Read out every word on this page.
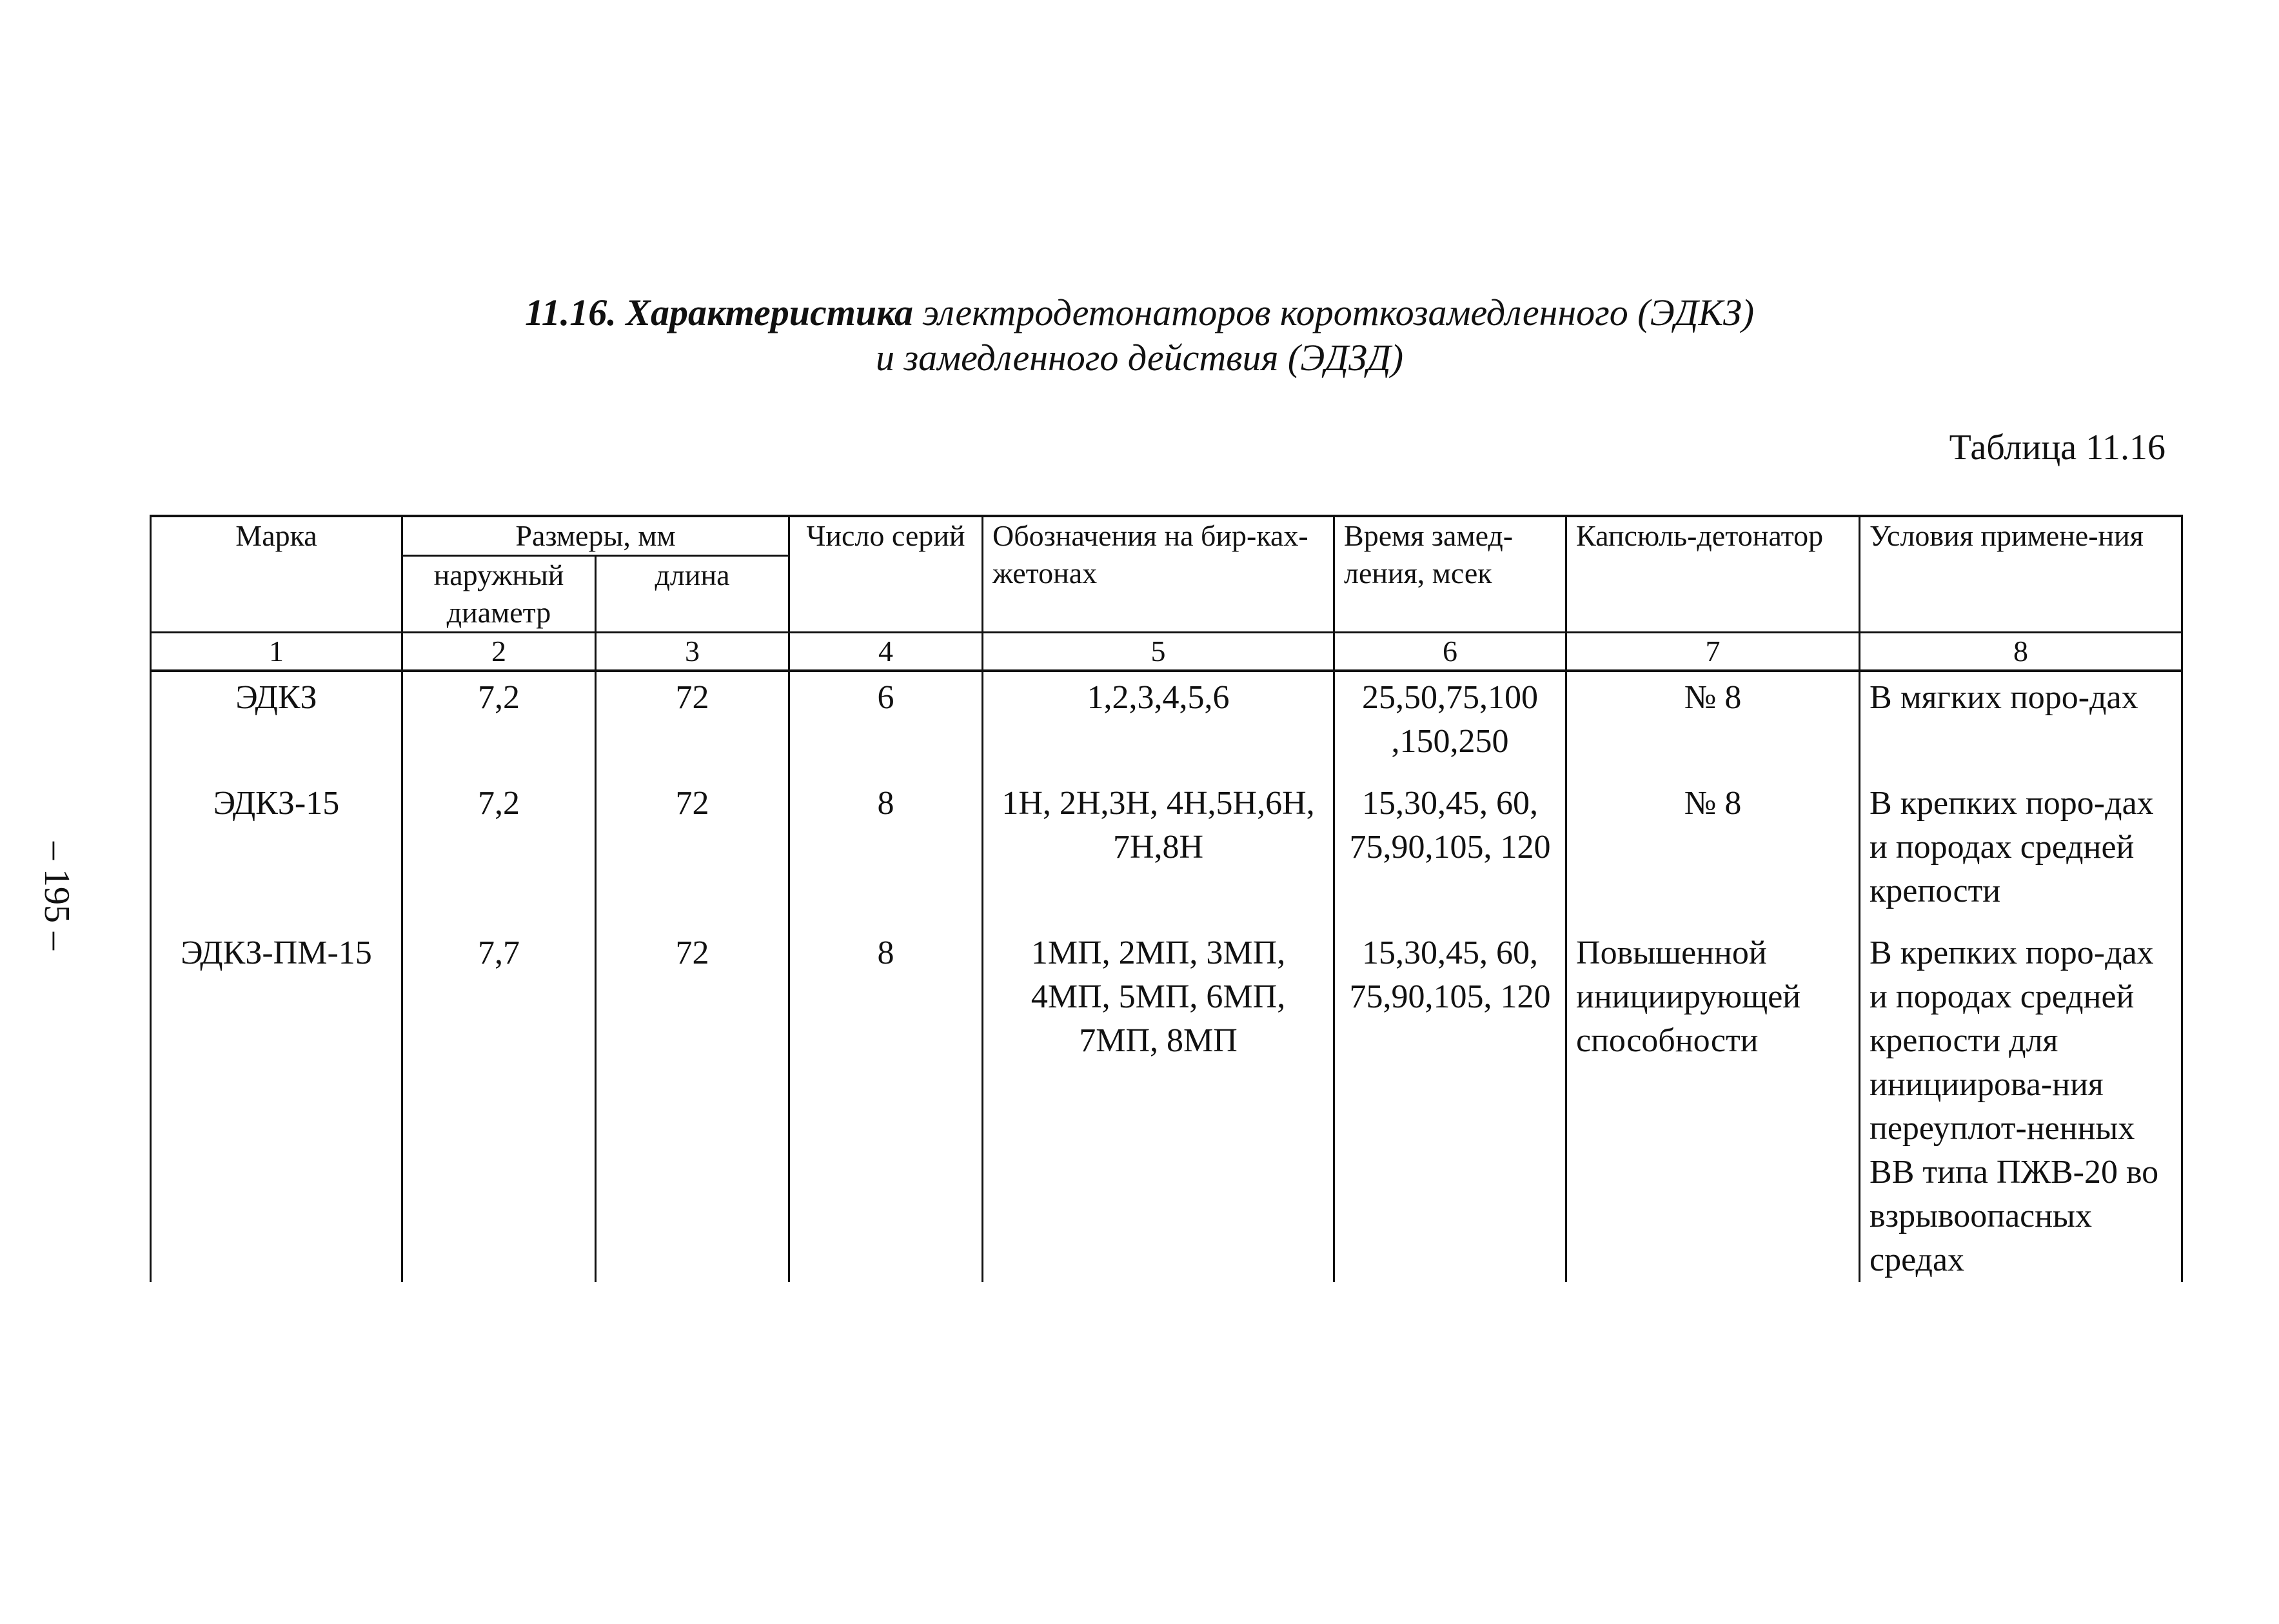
11.16. Характеристика электродетонаторов короткозамедленного (ЭДКЗ)
и замедленного действия (ЭДЗД)
Таблица 11.16
– 195 –
Марка	Размеры, мм		Число серий	Обозначения на бир-ках-жетонах	Время замед-ления, мсек	Капсюль-детонатор	Условия примене-ния
	наружный диаметр	длина					
1	2	3	4	5	6	7	8
ЭДКЗ	7,2	72	6	1,2,3,4,5,6	25,50,75,100 ,150,250	№ 8	В мягких поро-дах
ЭДКЗ-15	7,2	72	8	1Н, 2Н,3Н, 4Н,5Н,6Н, 7Н,8Н	15,30,45, 60, 75,90,105, 120	№ 8	В крепких поро-дах и породах средней крепости
ЭДКЗ-ПМ-15	7,7	72	8	1МП, 2МП, 3МП, 4МП, 5МП, 6МП, 7МП, 8МП	15,30,45, 60, 75,90,105, 120	Повышенной инициирующей способности	В крепких поро-дах и породах средней крепости для инициирова-ния переуплот-ненных ВВ типа ПЖВ-20 во взрывоопасных средах
